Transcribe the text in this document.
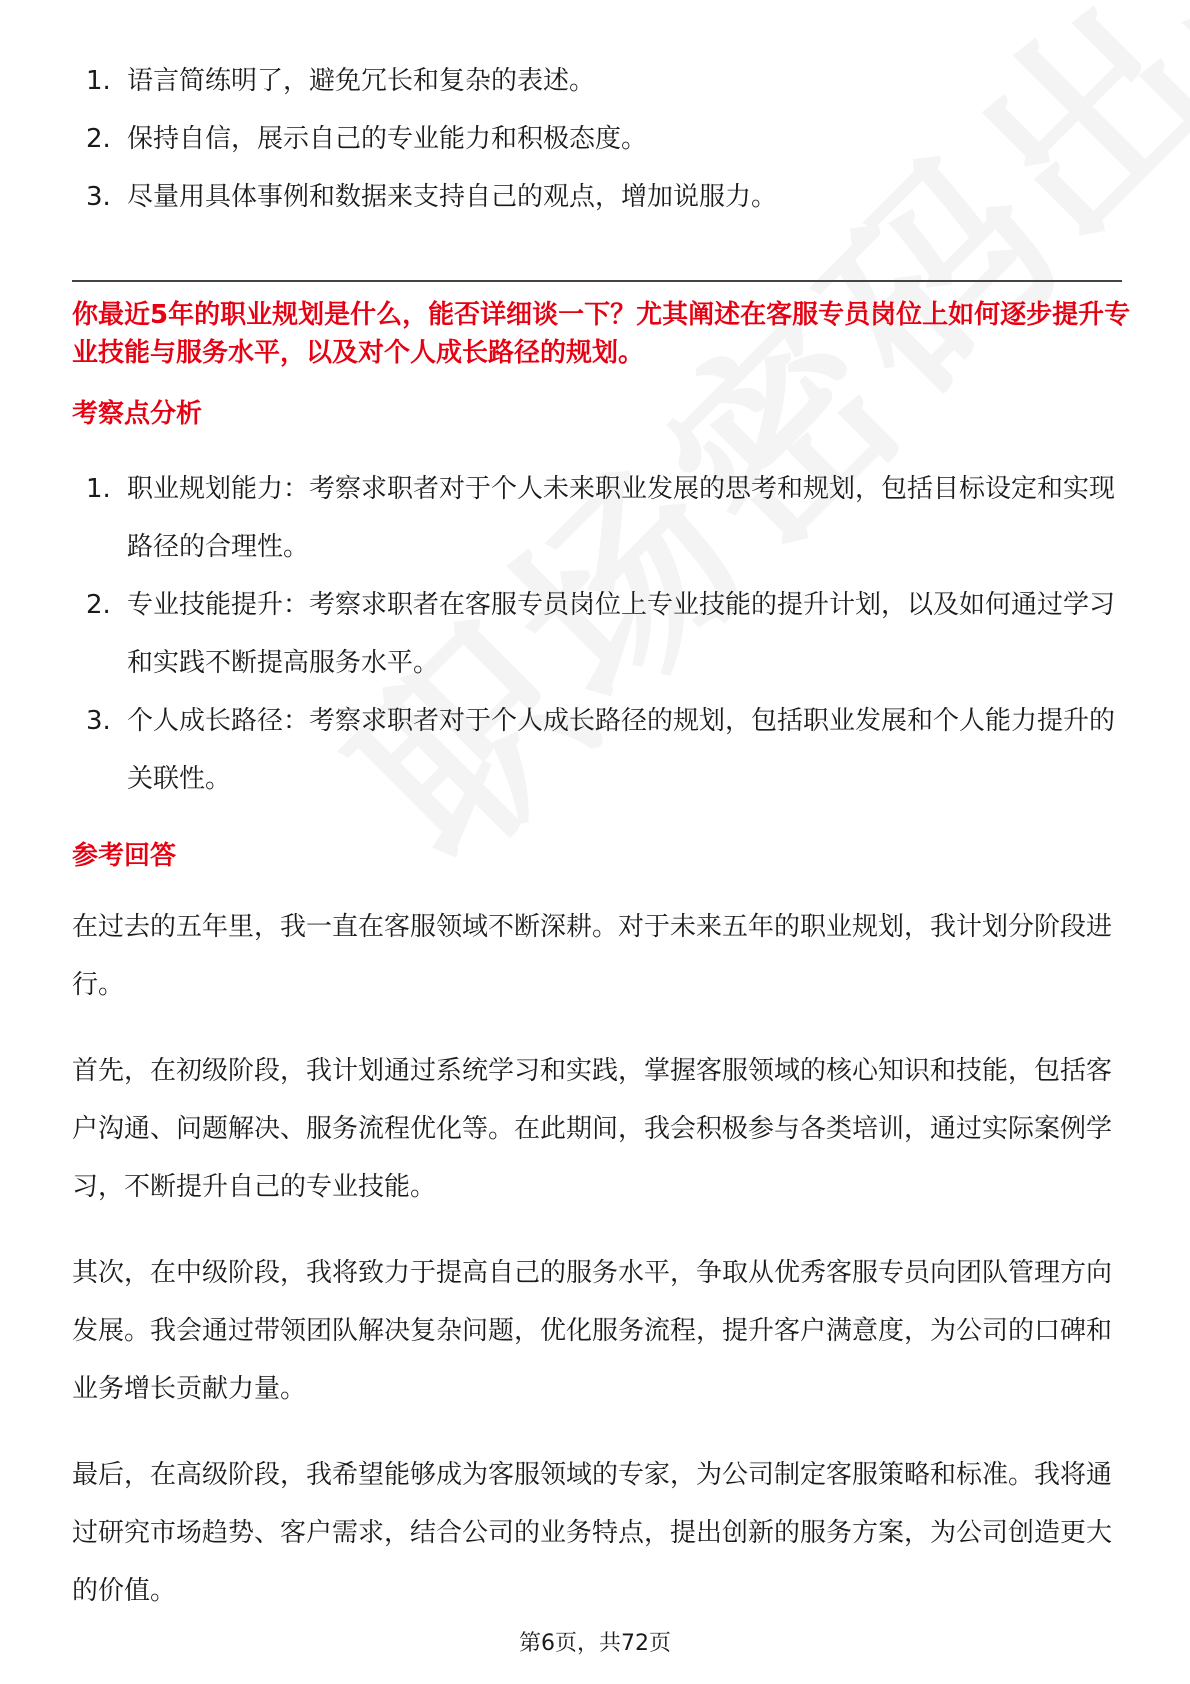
1. 语言简练明了，避免冗长和复杂的表述。
2. 保持自信，展示自己的专业能力和积极态度。
3. 尽量用具体事例和数据来支持自己的观点，增加说服力。
你最近5年的职业规划是什么，能否详细谈一下？尤其阐述在客服专员岗位上如何逐步提升专业技能与服务水平，以及对个人成长路径的规划。
考察点分析
1. 职业规划能力：考察求职者对于个人未来职业发展的思考和规划，包括目标设定和实现路径的合理性。
2. 专业技能提升：考察求职者在客服专员岗位上专业技能的提升计划，以及如何通过学习和实践不断提高服务水平。
3. 个人成长路径：考察求职者对于个人成长路径的规划，包括职业发展和个人能力提升的关联性。
参考回答

在过去的五年里，我一直在客服领域不断深耕。对于未来五年的职业规划，我计划分阶段进行。

首先，在初级阶段，我计划通过系统学习和实践，掌握客服领域的核心知识和技能，包括客户沟通、问题解决、服务流程优化等。在此期间，我会积极参与各类培训，通过实际案例学习，不断提升自己的专业技能。

其次，在中级阶段，我将致力于提高自己的服务水平，争取从优秀客服专员向团队管理方向发展。我会通过带领团队解决复杂问题，优化服务流程，提升客户满意度，为公司的口碑和业务增长贡献力量。

最后，在高级阶段，我希望能够成为客服领域的专家，为公司制定客服策略和标准。我将通过研究市场趋势、客户需求，结合公司的业务特点，提出创新的服务方案，为公司创造更大的价值。

第6页，共72页
